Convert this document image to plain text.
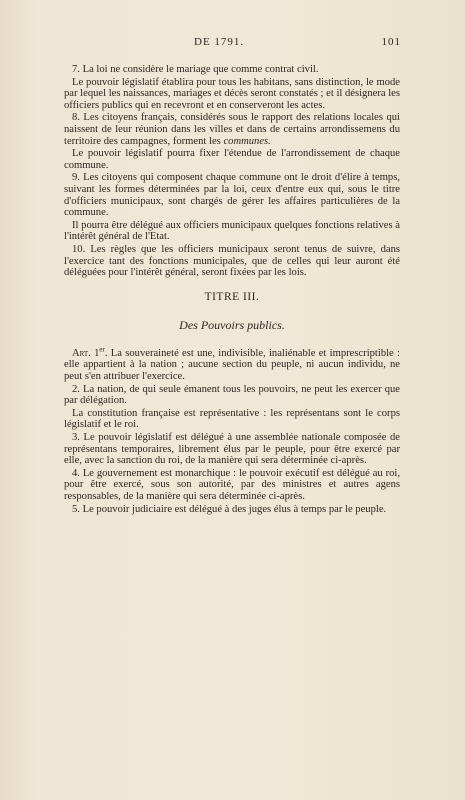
DE 1791.	101

7. La loi ne considère le mariage que comme contrat civil.

Le pouvoir législatif établira pour tous les habitans, sans distinction, le mode par lequel les naissances, mariages et décès seront constatés ; et il désignera les officiers publics qui en recevront et en conserveront les actes.

8. Les citoyens français, considérés sous le rapport des relations locales qui naissent de leur réunion dans les villes et dans de certains arrondissemens du territoire des campagnes, forment les communes.

Le pouvoir législatif pourra fixer l'étendue de l'arrondissement de chaque commune.

9. Les citoyens qui composent chaque commune ont le droit d'élire à temps, suivant les formes déterminées par la loi, ceux d'entre eux qui, sous le titre d'officiers municipaux, sont chargés de gérer les affaires particulières de la commune.

Il pourra être délégué aux officiers municipaux quelques fonctions relatives à l'intérêt général de l'Etat.

10. Les règles que les officiers municipaux seront tenus de suivre, dans l'exercice tant des fonctions municipales, que de celles qui leur auront été déléguées pour l'intérêt général, seront fixées par les lois.

TITRE III.
Des Pouvoirs publics.

Art. 1er. La souveraineté est une, indivisible, inaliénable et imprescriptible : elle appartient à la nation ; aucune section du peuple, ni aucun individu, ne peut s'en attribuer l'exercice.

2. La nation, de qui seule émanent tous les pouvoirs, ne peut les exercer que par délégation.

La constitution française est représentative : les représentans sont le corps législatif et le roi.

3. Le pouvoir législatif est délégué à une assemblée nationale composée de représentans temporaires, librement élus par le peuple, pour être exercé par elle, avec la sanction du roi, de la manière qui sera déterminée ci-après.

4. Le gouvernement est monarchique : le pouvoir exécutif est délégué au roi, pour être exercé, sous son autorité, par des ministres et autres agens responsables, de la manière qui sera déterminée ci-après.

5. Le pouvoir judiciaire est délégué à des juges élus à temps par le peuple.
